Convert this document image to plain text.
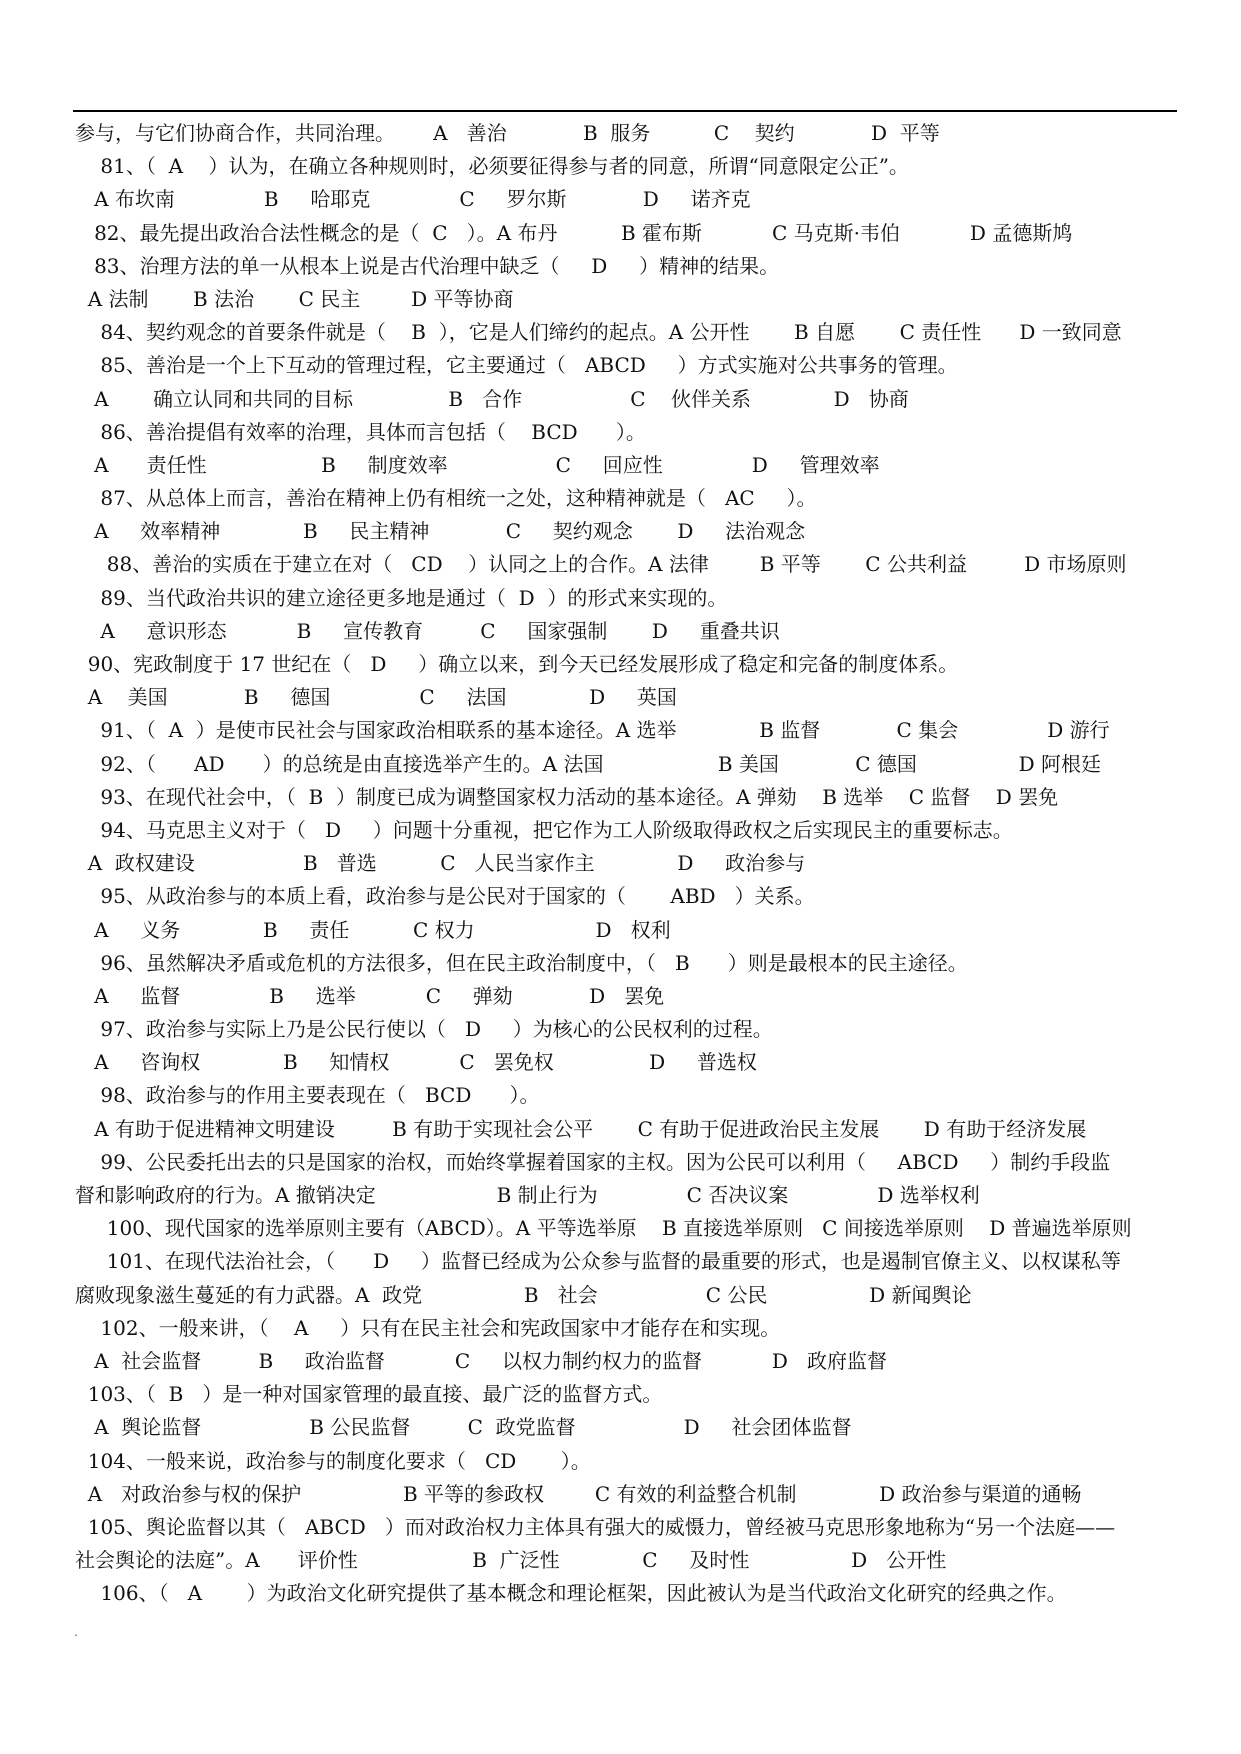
参与，与它们协商合作，共同治理。      A   善治            B  服务          C    契约            D  平等
81、（  A    ）认为，在确立各种规则时，必须要征得参与者的同意，所谓“同意限定公正”。
A 布坎南              B     哈耶克              C     罗尔斯            D     诺齐克
82、最先提出政治合法性概念的是（  C   ）。A 布丹          B 霍布斯           C 马克斯·韦伯           D 孟德斯鸠
83、治理方法的单一从根本上说是古代治理中缺乏（     D     ）精神的结果。
A 法制       B 法治       C 民主        D 平等协商
84、契约观念的首要条件就是（    B  ），它是人们缔约的起点。A 公开性       B 自愿       C 责任性      D 一致同意
85、善治是一个上下互动的管理过程，它主要通过（   ABCD     ）方式实施对公共事务的管理。
A       确立认同和共同的目标               B   合作                 C    伙伴关系             D   协商
86、善治提倡有效率的治理，具体而言包括（    BCD      ）。
A      责任性                  B     制度效率                 C     回应性              D     管理效率
87、从总体上而言，善治在精神上仍有相统一之处，这种精神就是（   AC     ）。
A     效率精神             B     民主精神            C     契约观念       D     法治观念
88、善治的实质在于建立在对（   CD    ）认同之上的合作。A 法律        B 平等       C 公共利益         D 市场原则
89、当代政治共识的建立途径更多地是通过（  D  ）的形式来实现的。
A     意识形态           B     宣传教育         C     国家强制       D     重叠共识
90、宪政制度于 17 世纪在（   D     ）确立以来，到今天已经发展形成了稳定和完备的制度体系。
A    美国            B     德国              C     法国             D     英国
91、（  A  ）是使市民社会与国家政治相联系的基本途径。A 选举             B 监督            C 集会              D 游行
92、（      AD      ）的总统是由直接选举产生的。A 法国                  B 美国            C 德国                D 阿根廷
93、在现代社会中，（  B  ）制度已成为调整国家权力活动的基本途径。A 弹劾    B 选举    C 监督    D 罢免
94、马克思主义对于（   D     ）问题十分重视，把它作为工人阶级取得政权之后实现民主的重要标志。
A  政权建设                 B   普选          C   人民当家作主             D     政治参与
95、从政治参与的本质上看，政治参与是公民对于国家的（       ABD   ）关系。
A     义务             B     责任          C 权力                   D   权利
96、虽然解决矛盾或危机的方法很多，但在民主政治制度中，（   B      ）则是最根本的民主途径。
A     监督              B     选举           C     弹劾            D   罢免
97、政治参与实际上乃是公民行使以（   D     ）为核心的公民权利的过程。
A     咨询权             B     知情权           C   罢免权               D     普选权
98、政治参与的作用主要表现在（   BCD      ）。
A 有助于促进精神文明建设         B 有助于实现社会公平       C 有助于促进政治民主发展       D 有助于经济发展
99、公民委托出去的只是国家的治权，而始终掌握着国家的主权。因为公民可以利用（     ABCD     ）制约手段监
督和影响政府的行为。A 撤销决定                   B 制止行为              C 否决议案              D 选举权利
100、现代国家的选举原则主要有（ABCD）。A 平等选举原    B 直接选举原则   C 间接选举原则    D 普遍选举原则
101、在现代法治社会，（      D     ）监督已经成为公众参与监督的最重要的形式，也是遏制官僚主义、以权谋私等
腐败现象滋生蔓延的有力武器。A  政党                B   社会                 C 公民                D 新闻舆论
102、一般来讲，（    A     ）只有在民主社会和宪政国家中才能存在和实现。
A  社会监督         B     政治监督           C     以权力制约权力的监督           D   政府监督
103、（  B   ）是一种对国家管理的最直接、最广泛的监督方式。
A  舆论监督                 B 公民监督         C  政党监督                 D     社会团体监督
104、一般来说，政治参与的制度化要求（   CD       ）。
A   对政治参与权的保护                B 平等的参政权        C 有效的利益整合机制             D 政治参与渠道的通畅
105、舆论监督以其（   ABCD   ）而对政治权力主体具有强大的威慑力，曾经被马克思形象地称为“另一个法庭——
社会舆论的法庭”。A      评价性                  B  广泛性             C     及时性                D   公开性
106、（   A       ）为政治文化研究提供了基本概念和理论框架，因此被认为是当代政治文化研究的经典之作。
.
